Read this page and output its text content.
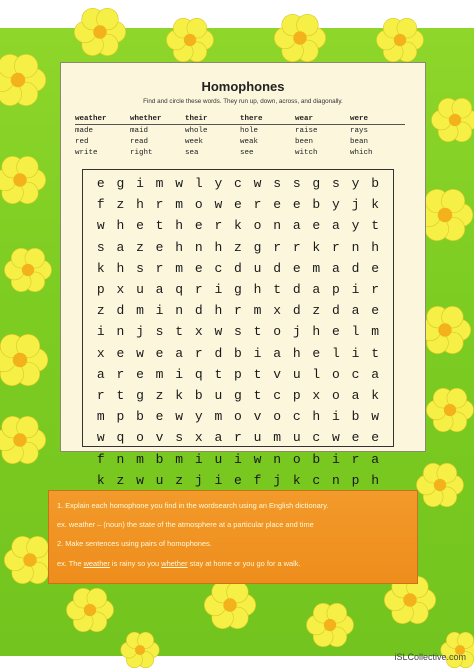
Homophones
Find and circle these words. They run up, down, across, and diagonally.
weather	whether	their	there	wear	were
made	maid	whole	hole	raise	rays
red	read	week	weak	been	bean
write	right	sea	see	witch	which
e g i m w l y c w s s g s y b
f z h r m o w e r e e b y j k
w h e t h e r k o n a e a y t
s a z e h n h z g r r k r n h
k h s r m e c d u d e m a d e
p x u a q r i g h t d a p i r
z d m i n d h r m x d z d a e
i n j s t x w s t o j h e l m
x e w e a r d b i a h e l i t
a r e m i q t p t v u l o c a
r t g z k b u g t c p x o a k
m p b e w y m o v o c h i b w
w q o v s x a r u m u c w e e
f n m b m i u i w n o b i r a
k z w u z j i e f j k c n p h
1. Explain each homophone you find in the wordsearch using an English dictionary.
ex. weather – (noun) the state of the atmosphere at a particular place and time
2. Make sentences using pairs of homophones.
ex. The weather is rainy so you whether stay at home or you go for a walk.
iSLCollective.com
